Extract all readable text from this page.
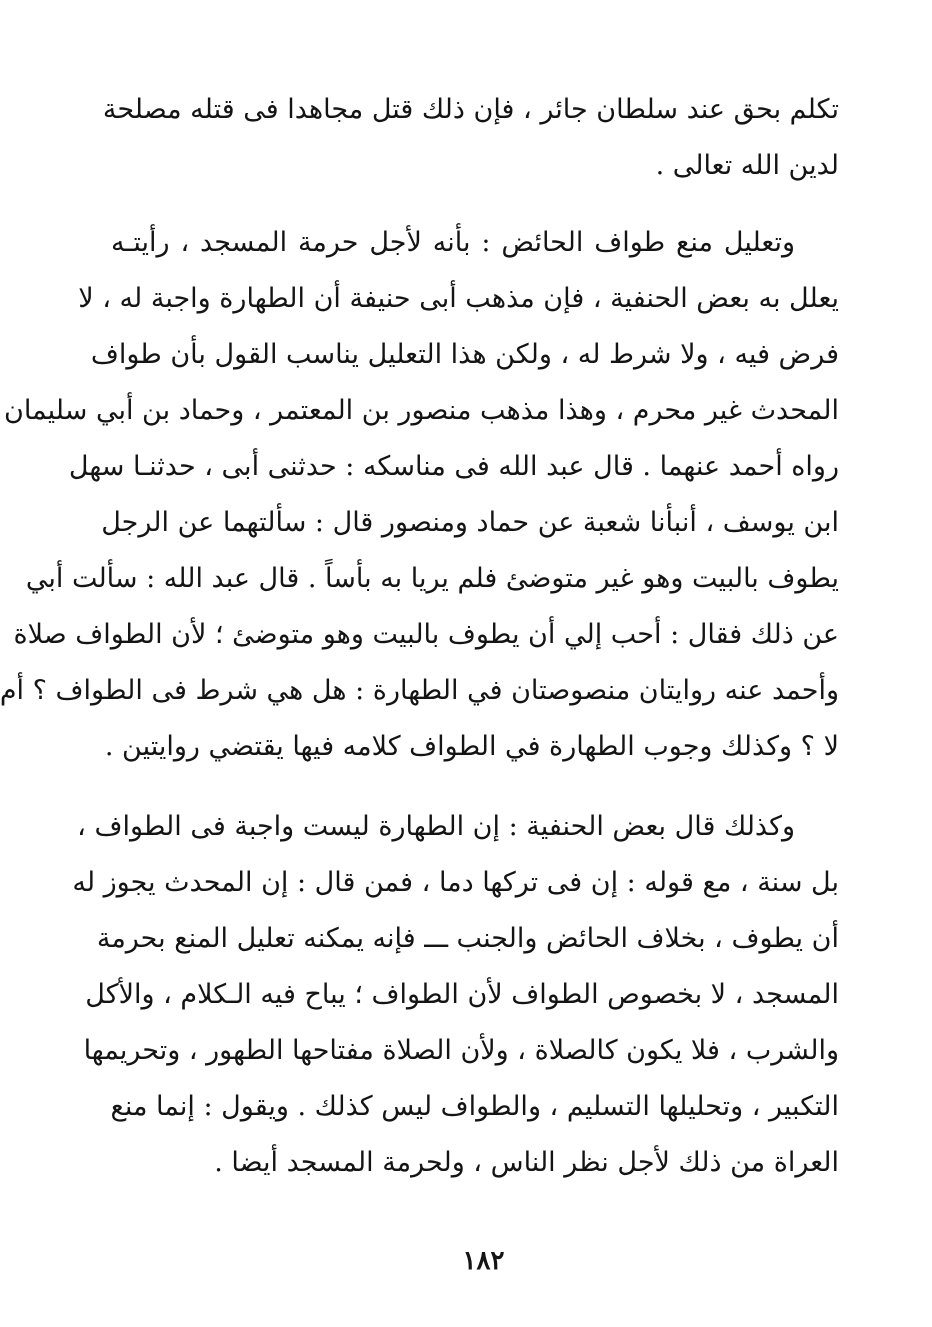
تكلم بحق عند سلطان جائر ، فإن ذلك قتل مجاهدا فى قتله مصلحة
لدين الله تعالى .
وتعليل منع طواف الحائض : بأنه لأجل حرمة المسجد ، رأيتـه
يعلل به بعض الحنفية ، فإن مذهب أبى حنيفة أن الطهارة واجبة له ، لا
فرض فيه ، ولا شرط له ، ولكن هذا التعليل يناسب القول بأن طواف
المحدث غير محرم ، وهذا مذهب منصور بن المعتمر ، وحماد بن أبي سليمان
رواه أحمد عنهما . قال عبد الله فى مناسكه : حدثنى أبى ، حدثنـا سهل
ابن يوسف ، أنبأنا شعبة عن حماد ومنصور قال : سألتهما عن الرجل
يطوف بالبيت وهو غير متوضئ فلم يريا به بأساً . قال عبد الله : سألت أبي
عن ذلك فقال : أحب إلي أن يطوف بالبيت وهو متوضئ ؛ لأن الطواف صلاة
وأحمد عنه روايتان منصوصتان في الطهارة : هل هي شرط فى الطواف ؟ أم
لا ؟ وكذلك وجوب الطهارة في الطواف كلامه فيها يقتضي روايتين .
وكذلك قال بعض الحنفية : إن الطهارة ليست واجبة فى الطواف ،
بل سنة ، مع قوله : إن فى تركها دما ، فمن قال : إن المحدث يجوز له
أن يطوف ، بخلاف الحائض والجنب ـــ فإنه يمكنه تعليل المنع بحرمة
المسجد ، لا بخصوص الطواف لأن الطواف ؛ يباح فيه الـكلام ، والأكل
والشرب ، فلا يكون كالصلاة ، ولأن الصلاة مفتاحها الطهور ، وتحريمها
التكبير ، وتحليلها التسليم ، والطواف ليس كذلك . ويقول : إنما منع
العراة من ذلك لأجل نظر الناس ، ولحرمة المسجد أيضا .
١٨٢
